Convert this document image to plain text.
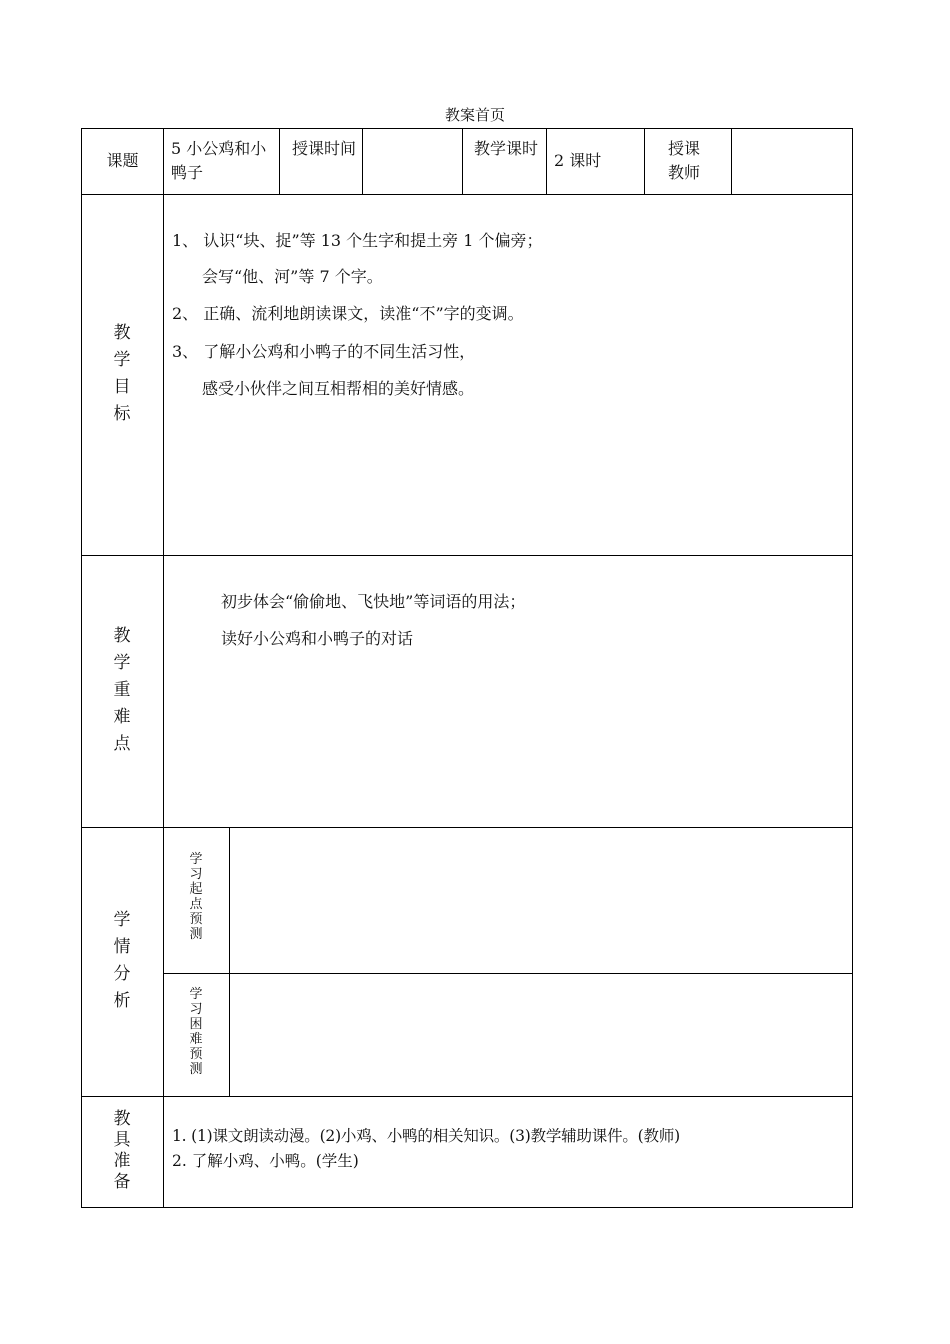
教案首页
课题
5 小公鸡和小鸭子
授课时间	教学课时
2 课时
授课教师
教学目标
1、 认识“块、捉”等 13 个生字和提土旁 1 个偏旁；
会写“他、河”等 7 个字。
2、 正确、流利地朗读课文，读准“不”字的变调。
3、 了解小公鸡和小鸭子的不同生活习性，
感受小伙伴之间互相帮相的美好情感。
教学重难点
初步体会“偷偷地、飞快地”等词语的用法；
读好小公鸡和小鸭子的对话
学情分析
学习起点预测
学习困难预测
教具准备
1. (1)课文朗读动漫。(2)小鸡、小鸭的相关知识。(3)教学辅助课件。(教师)
2. 了解小鸡、小鸭。(学生)
